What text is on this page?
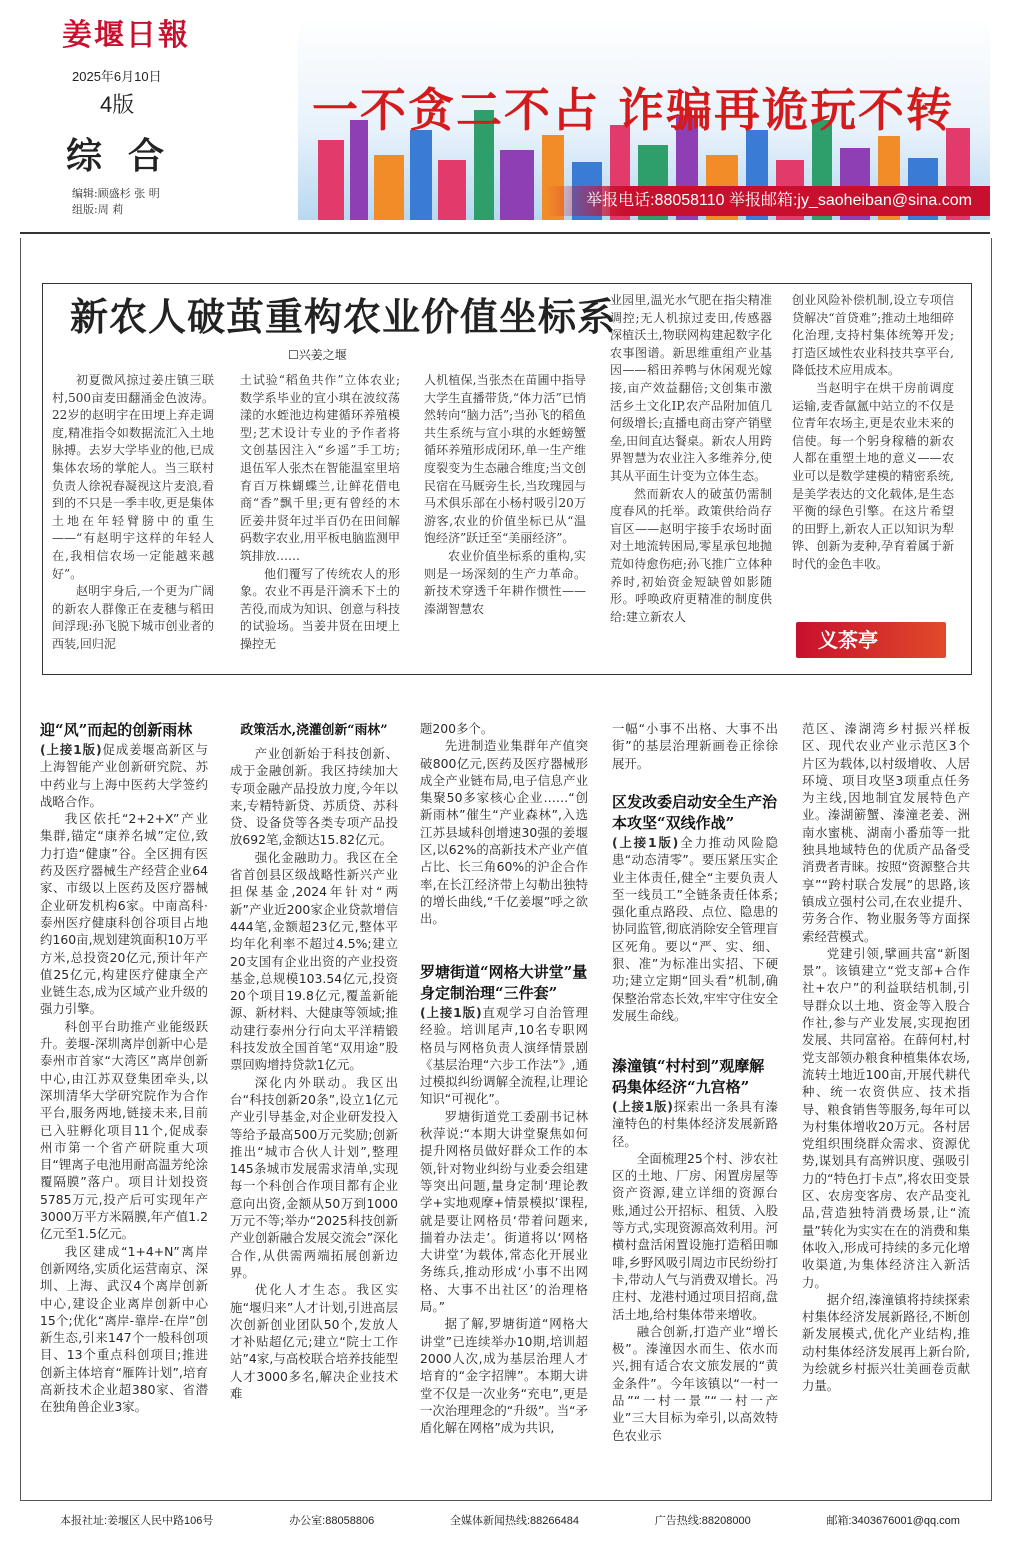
姜堰日報
2025年6月10日
4版
综合
编辑:顾盛杉 张 明
组版:周 莉
一不贪二不占 诈骗再诡玩不转
举报电话:88058110 举报邮箱:jy_saoheiban@sina.com
新农人破茧重构农业价值坐标系
☐兴姜之堰

初夏微风掠过姜庄镇三联村,500亩麦田翻涌金色波涛。22岁的赵明宇在田埂上弃走调度,精准指令如数据流汇入土地脉搏。去岁大学毕业的他,已成集体农场的掌舵人。当三联村负责人徐祝春凝视这片麦浪,看到的不只是一季丰收,更是集体土地在年轻臂膀中的重生——“有赵明宇这样的年轻人在,我相信农场一定能越来越好”。

赵明宇身后,一个更为广阔的新农人群像正在麦穗与稻田间浮现:孙飞脱下城市创业者的西装,回归泥

土试验“稻鱼共作”立体农业;数学系毕业的宣小琪在波纹荡漾的水蛭池边构建循环养殖模型;艺术设计专业的予作者将文创基因注入“乡遥”手工坊;退伍军人张杰在智能温室里培育百万株蝴蝶兰,让鲜花借电商“香”飘千里;更有曾经的木匠姜井贤年过半百仍在田间解码数字农业,用平板电脑监测甲筑排放……

他们覆写了传统农人的形象。农业不再是汗滴禾下土的苦役,而成为知识、创意与科技的试验场。当姜井贤在田埂上操控无

人机植保,当张杰在苗圃中指导大学生直播带货,“体力活”已悄然转向“脑力活”;当孙飞的稻鱼共生系统与宣小琪的水蛭螃蟹循环养殖形成闭环,单一生产维度裂变为生态融合维度;当文创民宿在马厩旁生长,当玫瑰园与马术俱乐部在小杨村吸引20万游客,农业的价值坐标已从“温饱经济”跃迁至“美丽经济”。

农业价值坐标系的重构,实则是一场深刻的生产力革命。新技术穿透千年耕作惯性——溱湖智慧农

业园里,温光水气肥在指尖精准调控;无人机掠过麦田,传感器深植沃土,物联网构建起数字化农事图谱。新思维重组产业基因——稻田养鸭与休闲观光嫁接,亩产效益翻倍;文创集市激活乡土文化IP,农产品附加值几何级增长;直播电商击穿产销壁垒,田间直达餐桌。新农人用跨界智慧为农业注入多维养分,使其从平面生计变为立体生态。

然而新农人的破茧仍需制度春风的托举。政策供给尚存盲区——赵明宇接手农场时面对土地流转困局,零星承包地抛荒如待愈伤疤;孙飞推广立体种养时,初始资金短缺曾如影随形。呼唤政府更精准的制度供给:建立新农人

创业风险补偿机制,设立专项信贷解决“首贷难”;推动土地细碎化治理,支持村集体统筹开发;打造区域性农业科技共享平台,降低技术应用成本。

当赵明宇在烘干房前调度运输,麦香氤氲中站立的不仅是位青年农场主,更是农业未来的信使。每一个躬身稼穑的新农人都在重塑土地的意义——农业可以是数学建模的精密系统,是美学表达的文化载体,是生态平衡的绿色引擎。在这片希望的田野上,新农人正以知识为犁铧、创新为麦种,孕育着属于新时代的金色丰收。

义茶亭
迎“风”而起的创新雨林

(上接1版)促成姜堰高新区与上海智能产业创新研究院、苏中药业与上海中医药大学签约战略合作。

我区依托“2+2+X”产业集群,锚定“康养名城”定位,致力打造“健康”谷。全区拥有医药及医疗器械生产经营企业64家、市级以上医药及医疗器械企业研发机构6家。中南高科·泰州医疗健康科创谷项目占地约160亩,规划建筑面积10万平方米,总投资20亿元,预计年产值25亿元,构建医疗健康全产业链生态,成为区域产业升级的强力引擎。

科创平台助推产业能级跃升。姜堰-深圳离岸创新中心是泰州市首家“大湾区”离岸创新中心,由江苏双登集团牵头,以深圳清华大学研究院作为合作平台,服务两地,链接未来,目前已入驻孵化项目11个,促成泰州市第一个省产研院重大项目“锂离子电池用耐高温芳纶涂覆隔膜”落户。项目计划投资5785万元,投产后可实现年产3000万平方米隔膜,年产值1.2亿元至1.5亿元。

我区建成“1+4+N”离岸创新网络,实质化运营南京、深圳、上海、武汉4个离岸创新中心,建设企业离岸创新中心15个;优化“离岸-靠岸-在岸”创新生态,引来147个一般科创项目、13个重点科创项目;推进创新主体培育“雁阵计划”,培育高新技术企业超380家、省潜在独角兽企业3家。

政策活水,浇灌创新“雨林”

产业创新始于科技创新、成于金融创新。我区持续加大专项金融产品投放力度,今年以来,专精特新贷、苏质贷、苏科贷、设备贷等各类专项产品投放692笔,金额达15.82亿元。

强化金融助力。我区在全省首创县区级战略性新兴产业担保基金,2024年针对“两新”产业近200家企业贷款增信444笔,金额超23亿元,整体平均年化利率不超过4.5%;建立20支国有企业出资的产业投资基金,总规模103.54亿元,投资20个项目19.8亿元,覆盖新能源、新材料、大健康等领域;推动建行泰州分行向太平洋精锻科技发放全国首笔“双用途”股票回购增持贷款1亿元。

深化内外联动。我区出台“科技创新20条”,设立1亿元产业引导基金,对企业研发投入等给予最高500万元奖励;创新推出“城市合伙人计划”,整理145条城市发展需求清单,实现每一个科创合作项目都有企业意向出资,金额从50万到1000万元不等;举办“2025科技创新产业创新融合发展交流会”深化合作,从供需两端拓展创新边界。

优化人才生态。我区实施“堰归来”人才计划,引进高层次创新创业团队50个,发放人才补贴超亿元;建立“院士工作站”4家,与高校联合培养技能型人才3000多名,解决企业技术难

题200多个。

先进制造业集群年产值突破800亿元,医药及医疗器械形成全产业链布局,电子信息产业集聚50多家核心企业……“创新雨林”催生“产业森林”,入选江苏县域科创增速30强的姜堰区,以62%的高新技术产业产值占比、长三角60%的沪企合作率,在长江经济带上勾勒出独特的增长曲线,“千亿姜堰”呼之欲出。

罗塘街道“网格大讲堂”量身定制治理“三件套”

(上接1版)直观学习自治管理经验。培训尾声,10名专职网格员与网格负责人演绎情景剧《基层治理“六步工作法”》,通过模拟纠纷调解全流程,让理论知识“可视化”。

罗塘街道党工委副书记林秋萍说:“本期大讲堂聚焦如何提升网格员做好群众工作的本领,针对物业纠纷与业委会组建等突出问题,量身定制‘理论教学+实地观摩+情景模拟’课程,就是要让网格员‘带着问题来,揣着办法走’。街道将以‘网格大讲堂’为载体,常态化开展业务练兵,推动形成‘小事不出网格、大事不出社区’的治理格局。”

据了解,罗塘街道“网格大讲堂”已连续举办10期,培训超2000人次,成为基层治理人才培育的“金字招牌”。本期大讲堂不仅是一次业务“充电”,更是一次治理理念的“升级”。当“矛盾化解在网格”成为共识,

一幅“小事不出格、大事不出街”的基层治理新画卷正徐徐展开。

区发改委启动安全生产治本攻坚“双线作战”

(上接1版)全力推动风险隐患“动态清零”。要压紧压实企业主体责任,健全“主要负责人至一线员工”全链条责任体系;强化重点路段、点位、隐患的协同监管,彻底消除安全管理盲区死角。要以“严、实、细、狠、准”为标准出实招、下硬功;建立定期“回头看”机制,确保整治常态长效,牢牢守住安全发展生命线。

溱潼镇“村村到”观摩解码集体经济“九宫格”

(上接1版)探索出一条具有溱潼特色的村集体经济发展新路径。

全面梳理25个村、涉农社区的土地、厂房、闲置房屋等资产资源,建立详细的资源台账,通过公开招标、租赁、入股等方式,实现资源高效利用。河横村盘活闲置设施打造稻田咖啡,乡野风吸引周边市民纷纷打卡,带动人气与消费双增长。冯庄村、龙港村通过项目招商,盘活土地,给村集体带来增收。

融合创新,打造产业“增长极”。溱潼因水而生、依水而兴,拥有适合农文旅发展的“黄金条件”。今年该镇以“一村一品”“一村一景”“一村一产业”三大目标为牵引,以高效特色农业示

范区、溱湖湾乡村振兴样板区、现代农业产业示范区3个片区为载体,以村级增收、人居环境、项目攻坚3项重点任务为主线,因地制宜发展特色产业。溱湖簖蟹、溱潼老姜、洲南水蜜桃、湖南小番茄等一批独具地域特色的优质产品备受消费者青睐。按照“资源整合共享”“跨村联合发展”的思路,该镇成立强村公司,在农业提升、劳务合作、物业服务等方面探索经营模式。

党建引领,擘画共富“新图景”。该镇建立“党支部+合作社+农户”的利益联结机制,引导群众以土地、资金等入股合作社,参与产业发展,实现抱团发展、共同富裕。在薛何村,村党支部领办粮食种植集体农场,流转土地近100亩,开展代耕代种、统一农资供应、技术指导、粮食销售等服务,每年可以为村集体增收20万元。各村居党组织围绕群众需求、资源优势,谋划具有高辨识度、强吸引力的“特色打卡点”,将农田变景区、农房变客房、农产品变礼品,营造独特消费场景,让“流量”转化为实实在在的消费和集体收入,形成可持续的多元化增收渠道,为集体经济注入新活力。

据介绍,溱潼镇将持续探索村集体经济发展新路径,不断创新发展模式,优化产业结构,推动村集体经济发展再上新台阶,为绘就乡村振兴壮美画卷贡献力量。

本报社址:姜堰区人民中路106号	办公室:88058806	全媒体新闻热线:88266484	广告热线:88208000	邮箱:3403676001@qq.com
